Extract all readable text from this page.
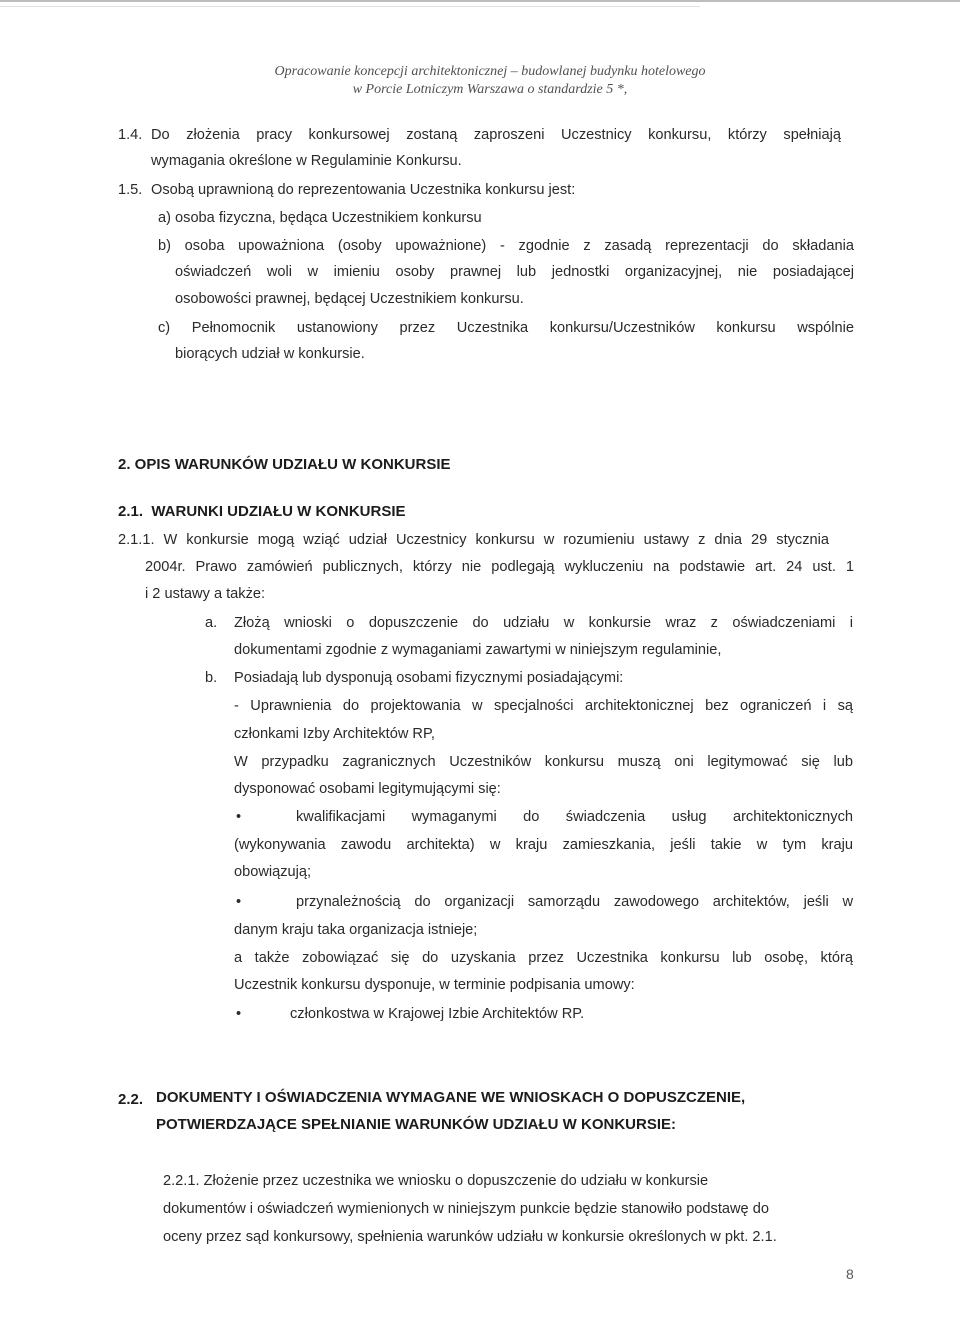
Opracowanie koncepcji architektonicznej – budowlanej budynku hotelowego
w Porcie Lotniczym Warszawa o standardzie 5 *,
1.4. Do złożenia pracy konkursowej zostaną zaproszeni Uczestnicy konkursu, którzy spełniają
wymagania określone w Regulaminie Konkursu.
1.5. Osobą uprawnioną do reprezentowania Uczestnika konkursu jest:
a) osoba fizyczna, będąca Uczestnikiem konkursu
b) osoba upoważniona (osoby upoważnione) - zgodnie z zasadą reprezentacji do składania
oświadczeń woli w imieniu osoby prawnej lub jednostki organizacyjnej, nie posiadającej
osobowości prawnej, będącej Uczestnikiem konkursu.
c) Pełnomocnik ustanowiony przez Uczestnika konkursu/Uczestników konkursu wspólnie
biorących udział w konkursie.
2. OPIS WARUNKÓW UDZIAŁU W KONKURSIE
2.1.  WARUNKI UDZIAŁU W KONKURSIE
2.1.1. W konkursie mogą wziąć udział Uczestnicy konkursu w rozumieniu ustawy z dnia 29 stycznia
2004r. Prawo zamówień publicznych, którzy nie podlegają wykluczeniu na podstawie art. 24 ust. 1
i 2 ustawy a także:
a. Złożą wnioski o dopuszczenie do udziału w konkursie wraz z oświadczeniami i
dokumentami zgodnie z wymaganiami zawartymi w niniejszym regulaminie,
b. Posiadają lub dysponują osobami fizycznymi posiadającymi:
- Uprawnienia do projektowania w specjalności architektonicznej bez ograniczeń i są
członkami Izby Architektów RP,
W przypadku zagranicznych Uczestników konkursu muszą oni legitymować się lub
dysponować osobami legitymującymi się:
•	kwalifikacjami wymaganymi do świadczenia usług architektonicznych
(wykonywania zawodu architekta) w kraju zamieszkania, jeśli takie w tym kraju
obowiązują;
•	przynależnością do organizacji samorządu zawodowego architektów, jeśli w
danym kraju taka organizacja istnieje;
a także zobowiązać się do uzyskania przez Uczestnika konkursu lub osobę, którą
Uczestnik konkursu dysponuje, w terminie podpisania umowy:
•	członkostwa w Krajowej Izbie Architektów RP.
2.2. DOKUMENTY I OŚWIADCZENIA WYMAGANE WE WNIOSKACH O DOPUSZCZENIE,
POTWIERDZAJĄCE SPEŁNIANIE WARUNKÓW UDZIAŁU W KONKURSIE:
2.2.1. Złożenie przez uczestnika we wniosku o dopuszczenie do udziału w konkursie
dokumentów i oświadczeń wymienionych w niniejszym punkcie będzie stanowiło podstawę do
oceny przez sąd konkursowy, spełnienia warunków udziału w konkursie określonych w pkt. 2.1.
8
